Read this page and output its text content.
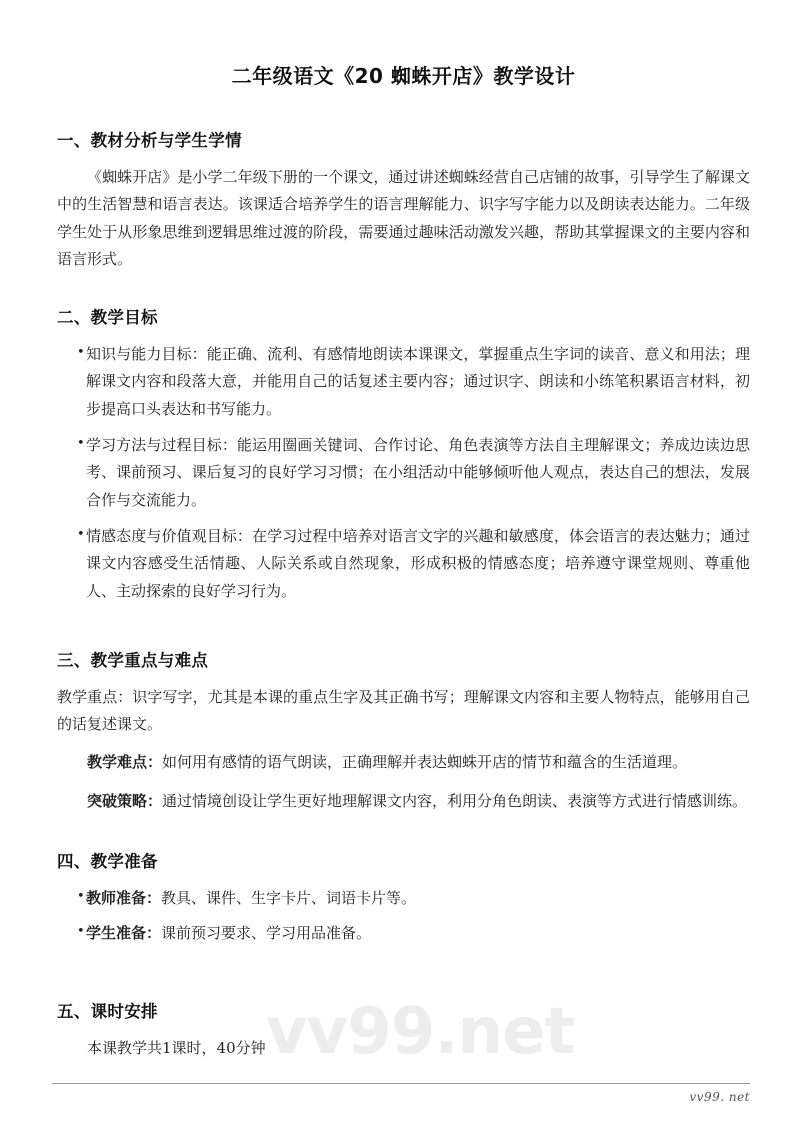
vv99.net
二年级语文《20 蜘蛛开店》教学设计
一、教材分析与学生学情

《蜘蛛开店》是小学二年级下册的一个课文，通过讲述蜘蛛经营自己店铺的故事，引导学生了解课文中的生活智慧和语言表达。该课适合培养学生的语言理解能力、识字写字能力以及朗读表达能力。二年级学生处于从形象思维到逻辑思维过渡的阶段，需要通过趣味活动激发兴趣，帮助其掌握课文的主要内容和语言形式。

二、教学目标
• 知识与能力目标：能正确、流利、有感情地朗读本课课文，掌握重点生字词的读音、意义和用法；理解课文内容和段落大意，并能用自己的话复述主要内容；通过识字、朗读和小练笔积累语言材料，初步提高口头表达和书写能力。
• 学习方法与过程目标：能运用圈画关键词、合作讨论、角色表演等方法自主理解课文；养成边读边思考、课前预习、课后复习的良好学习习惯；在小组活动中能够倾听他人观点，表达自己的想法，发展合作与交流能力。
• 情感态度与价值观目标：在学习过程中培养对语言文字的兴趣和敏感度，体会语言的表达魅力；通过课文内容感受生活情趣、人际关系或自然现象，形成积极的情感态度；培养遵守课堂规则、尊重他人、主动探索的良好学习行为。
三、教学重点与难点

教学重点：识字写字，尤其是本课的重点生字及其正确书写；理解课文内容和主要人物特点，能够用自己的话复述课文。

教学难点：如何用有感情的语气朗读，正确理解并表达蜘蛛开店的情节和蕴含的生活道理。

突破策略：通过情境创设让学生更好地理解课文内容，利用分角色朗读、表演等方式进行情感训练。

四、教学准备
• 教师准备：教具、课件、生字卡片、词语卡片等。
• 学生准备：课前预习要求、学习用品准备。
五、课时安排

本课教学共1课时，40分钟

vv99. net
